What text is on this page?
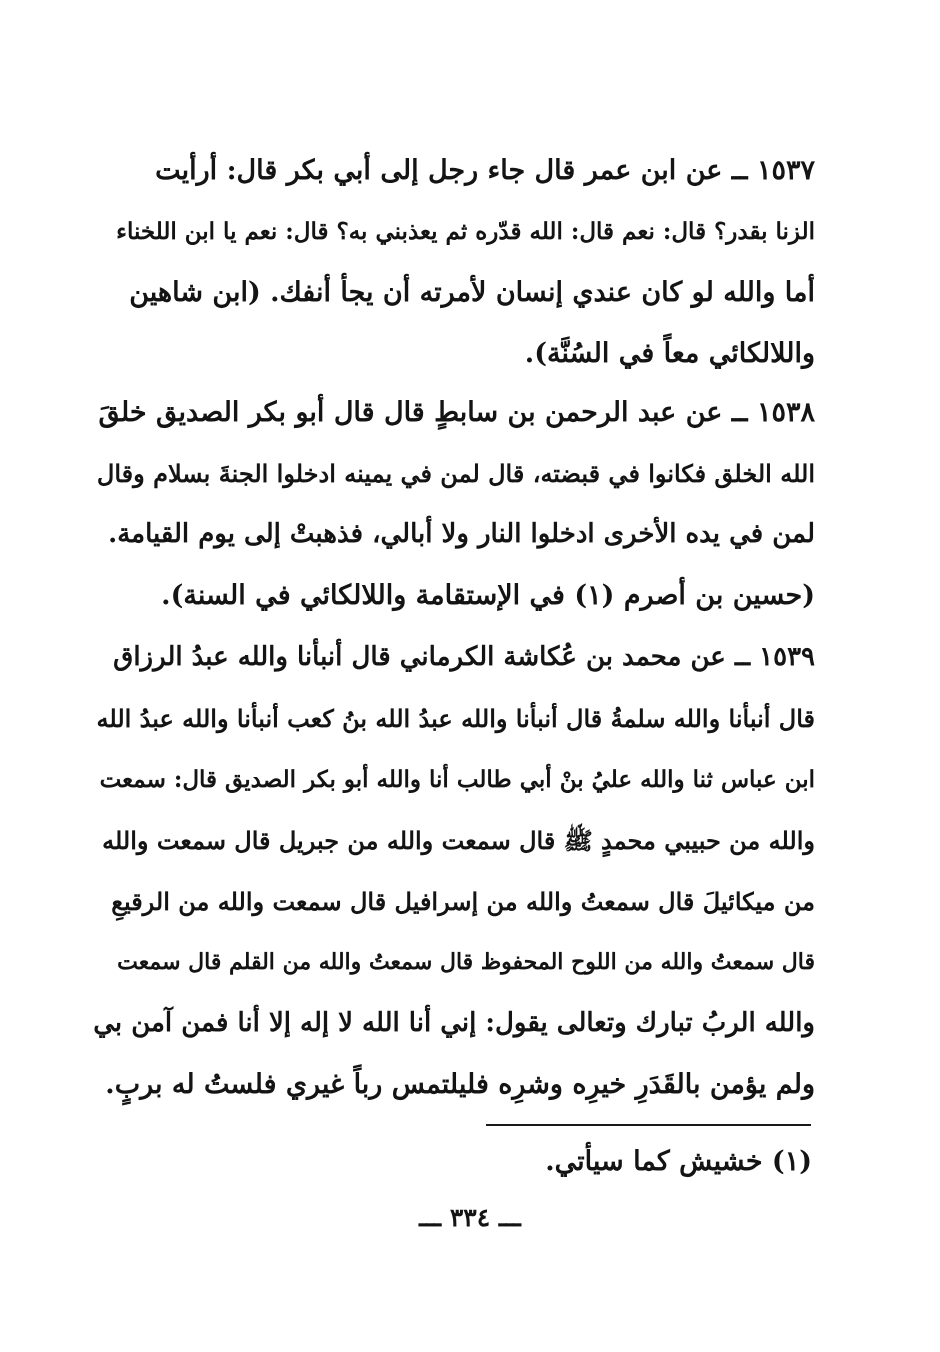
١٥٣٧ ــ عن ابن عمر قال جاء رجل إلى أبي بكر قال: أرأيت
الزنا بقدر؟ قال: نعم قال: الله قدّره ثم يعذبني به؟ قال: نعم يا ابن اللخناء
أما والله لو كان عندي إنسان لأمرته أن يجأ أنفك. (ابن شاهين
واللالكائي معاً في السُنَّة).
١٥٣٨ ــ عن عبد الرحمن بن سابطٍ قال قال أبو بكر الصديق خلقَ
الله الخلق فكانوا في قبضته، قال لمن في يمينه ادخلوا الجنةَ بسلام وقال
لمن في يده الأخرى ادخلوا النار ولا أبالي، فذهبتْ إلى يوم القيامة.
(حسين بن أصرم (١) في الإستقامة واللالكائي في السنة).
١٥٣٩ ــ عن محمد بن عُكاشة الكرماني قال أنبأنا والله عبدُ الرزاق
قال أنبأنا والله سلمةُ قال أنبأنا والله عبدُ الله بنُ كعب أنبأنا والله عبدُ الله
ابن عباس ثنا والله عليُ بنْ أبي طالب أنا والله أبو بكر الصديق قال: سمعت
والله من حبيبي محمدٍ ﷺ قال سمعت والله من جبريل قال سمعت والله
من ميكائيلَ قال سمعتُ والله من إسرافيل قال سمعت والله من الرقيعِ
قال سمعتُ والله من اللوح المحفوظ قال سمعتُ والله من القلم قال سمعت
والله الربُ تبارك وتعالى يقول: إني أنا الله لا إله إلا أنا فمن آمن بي
ولم يؤمن بالقَدَرِ خيرِه وشرِه فليلتمس رباً غيري فلستُ له بربٍ.
(١) خشيش كما سيأتي.
ـــ ٣٣٤ ـــ
